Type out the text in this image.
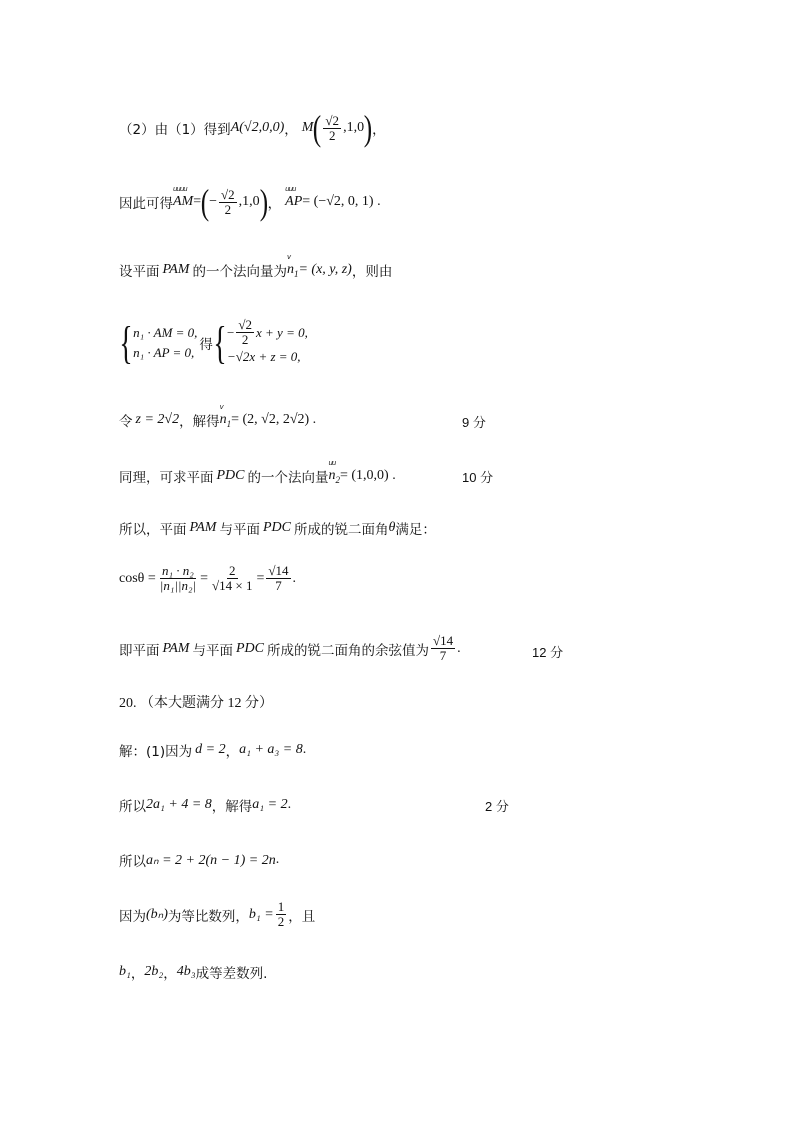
（2）由（1）得到 A(√2,0,0) ， M ( $\frac{√2}{2} ,1,0$ ) ，
因此可得
uuuu
AM = ( − $\frac{√2}{2} ,1,0$ ) ，
uuu
AP = (−√2, 0, 1) .
设平面 PAM 的一个法向量为
v
$n_1 = (x$, y, z) ，则由
{ n₁ · AM = 0,
n₁ · AP = 0, 得 { − $\frac{√2}{2}$ x + y = 0,
−√2x + z = 0,
令 z = 2√2 ，解得
v
$n_1 = (2$, √2, 2√2) .	9 分
同理，可求平面 PDC 的一个法向量
uu
$n_2 = (1,0,0)$ .	10 分
所以，平面 PAM 与平面 PDC 所成的锐二面角 θ 满足：
$\cos\theta = \frac{\text{n₁ · n₂}}{\text{|n₁||n₂|}} = \frac{2}{√14 \times 1} = \frac{√14}{7}$ .
即平面 PAM 与平面 PDC 所成的锐二面角的余弦值为 $\frac{√14}{7}$ .	12 分
20. （本大题满分 12 分）
解：(1)因为 d = 2 ， a₁ + a₃ = 8 .
所以 2a₁ + 4 = 8 ，解得 a₁ = 2 .	2 分
所以 aₙ = 2 + 2(n − 1) = 2n .
因为 (bₙ) 为等比数列， $b_1 = \frac{1}{2}$ ，且
b₁ ， 2b₂ ， 4b₃ 成等差数列.
